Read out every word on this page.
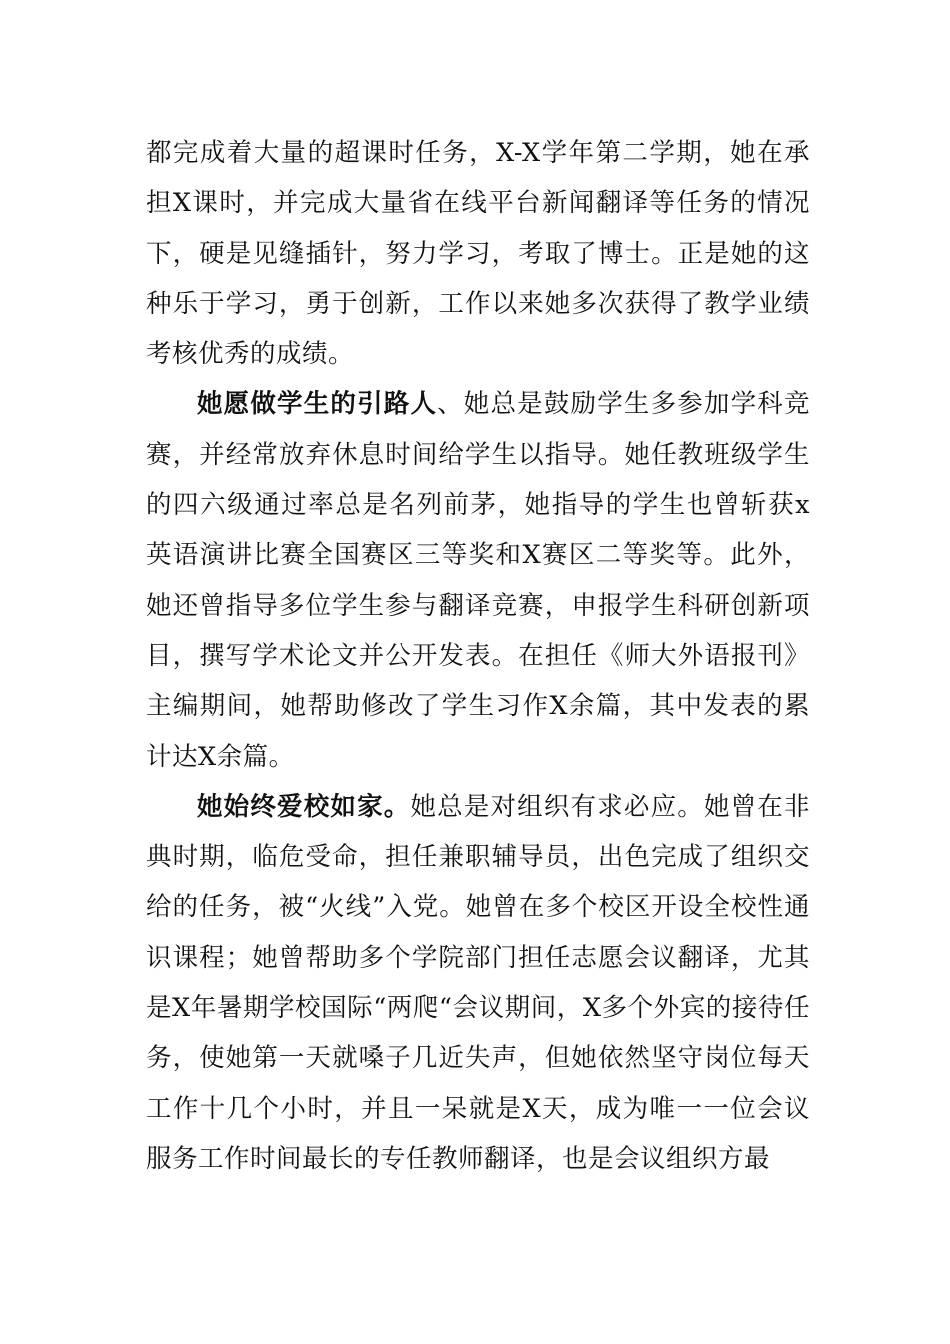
都完成着大量的超课时任务，X-X学年第二学期，她在承担X课时，并完成大量省在线平台新闻翻译等任务的情况下，硬是见缝插针，努力学习，考取了博士。正是她的这种乐于学习，勇于创新，工作以来她多次获得了教学业绩考核优秀的成绩。

她愿做学生的引路人、她总是鼓励学生多参加学科竞赛，并经常放弃休息时间给学生以指导。她任教班级学生的四六级通过率总是名列前茅，她指导的学生也曾斩获x英语演讲比赛全国赛区三等奖和X赛区二等奖等。此外，她还曾指导多位学生参与翻译竞赛，申报学生科研创新项目，撰写学术论文并公开发表。在担任《师大外语报刊》主编期间，她帮助修改了学生习作X余篇，其中发表的累计达X余篇。

她始终爱校如家。她总是对组织有求必应。她曾在非典时期，临危受命，担任兼职辅导员，出色完成了组织交给的任务，被“火线”入党。她曾在多个校区开设全校性通识课程；她曾帮助多个学院部门担任志愿会议翻译，尤其是X年暑期学校国际“两爬“会议期间，X多个外宾的接待任务，使她第一天就嗓子几近失声，但她依然坚守岗位每天工作十几个小时，并且一呆就是X天，成为唯一一位会议服务工作时间最长的专任教师翻译，也是会议组织方最
